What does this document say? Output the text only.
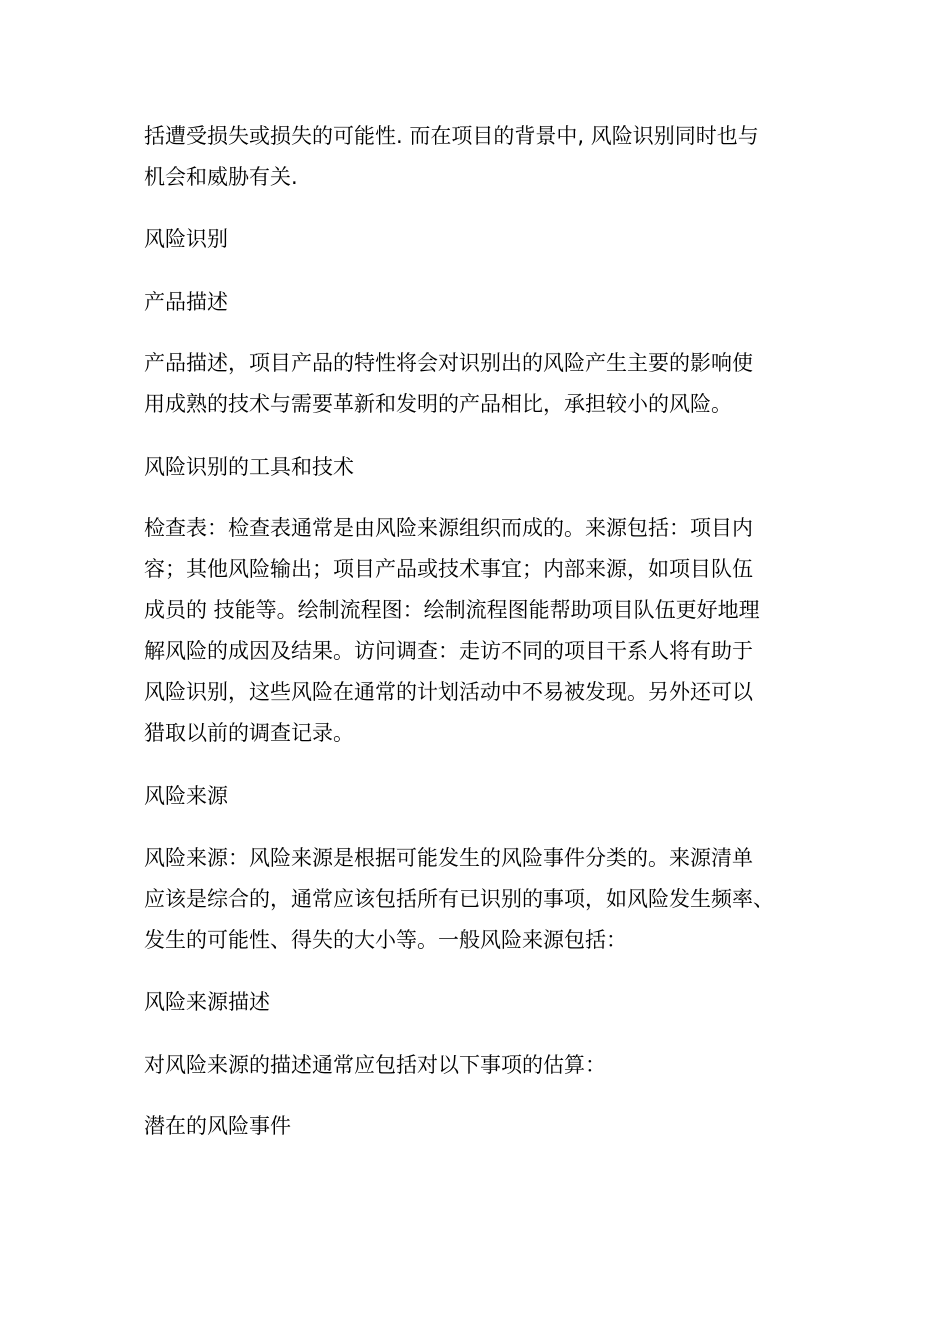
括遭受损失或损失的可能性. 而在项目的背景中, 风险识别同时也与
机会和威胁有关.
风险识别
产品描述
产品描述，项目产品的特性将会对识别出的风险产生主要的影响使
用成熟的技术与需要革新和发明的产品相比，承担较小的风险。
风险识别的工具和技术
检查表：检查表通常是由风险来源组织而成的。来源包括：项目内
容；其他风险输出；项目产品或技术事宜；内部来源，如项目队伍
成员的 技能等。绘制流程图：绘制流程图能帮助项目队伍更好地理
解风险的成因及结果。访问调查：走访不同的项目干系人将有助于
风险识别，这些风险在通常的计划活动中不易被发现。另外还可以
猎取以前的调查记录。
风险来源
风险来源：风险来源是根据可能发生的风险事件分类的。来源清单
应该是综合的，通常应该包括所有已识别的事项，如风险发生频率、
发生的可能性、得失的大小等。一般风险来源包括：
风险来源描述
对风险来源的描述通常应包括对以下事项的估算：
潜在的风险事件
